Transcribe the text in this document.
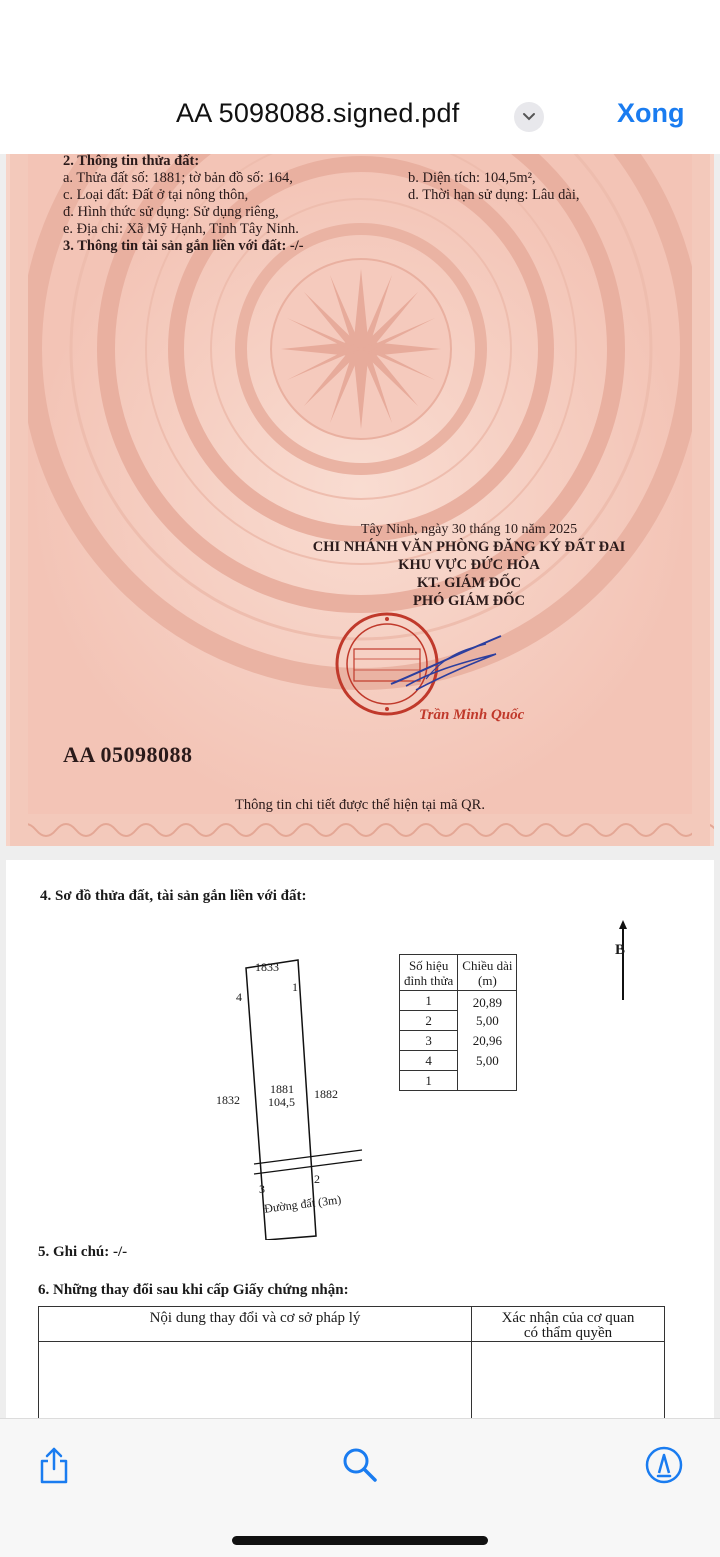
AA 5098088.signed.pdf	Xong
2. Thông tin thửa đất:
a. Thửa đất số: 1881; tờ bản đồ số: 164,	b. Diện tích: 104,5m²,
c. Loại đất: Đất ở tại nông thôn,	d. Thời hạn sử dụng: Lâu dài,
đ. Hình thức sử dụng: Sử dụng riêng,
e. Địa chỉ: Xã Mỹ Hạnh, Tỉnh Tây Ninh.
3. Thông tin tài sản gắn liền với đất: -/-
Tây Ninh, ngày 30 tháng 10 năm 2025
CHI NHÁNH VĂN PHÒNG ĐĂNG KÝ ĐẤT ĐAI
KHU VỰC ĐỨC HÒA
KT. GIÁM ĐỐC
PHÓ GIÁM ĐỐC
Trần Minh Quốc
AA 05098088
Thông tin chi tiết được thể hiện tại mã QR.
4. Sơ đồ thửa đất, tài sản gắn liền với đất:
B
1833
1832	1882
1881
104,5
4
1
2
3
Đường đất (3m)
Số hiệu
đỉnh thửa	Chiều dài
(m)
1	20,89
2	5,00
3	20,96
4	5,00
1	
5. Ghi chú: -/-
6. Những thay đổi sau khi cấp Giấy chứng nhận:
Nội dung thay đổi và cơ sở pháp lý	Xác nhận của cơ quan
có thẩm quyền
